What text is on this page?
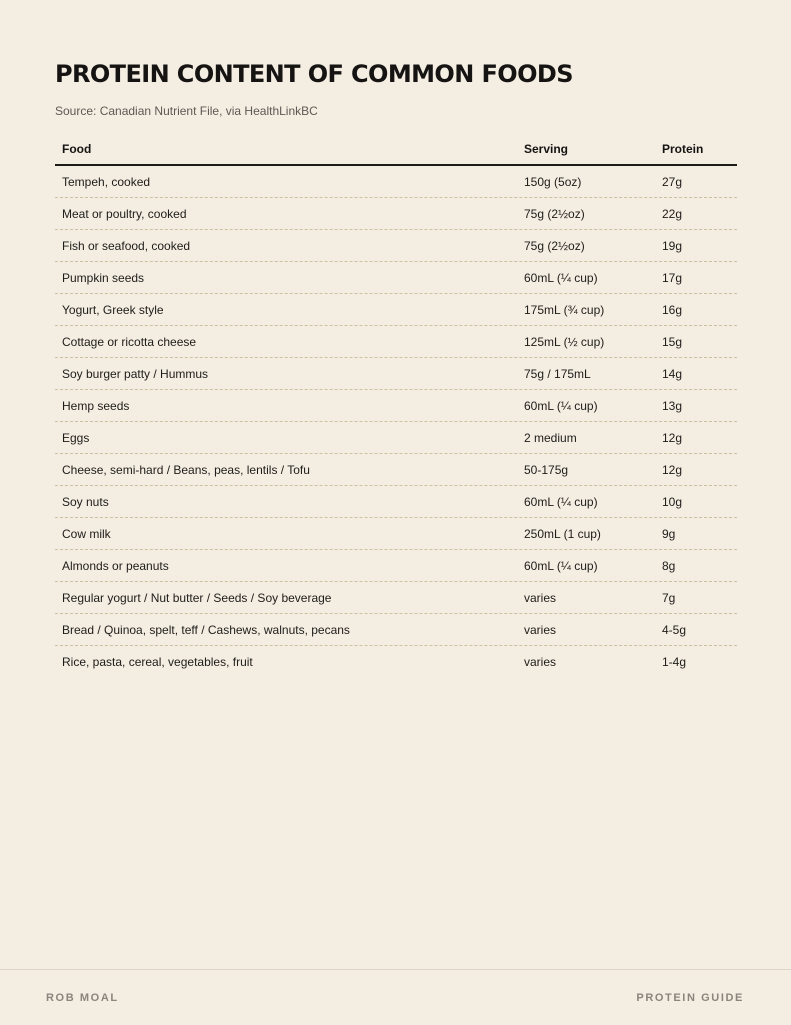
PROTEIN CONTENT OF COMMON FOODS
Source: Canadian Nutrient File, via HealthLinkBC
Food	Serving	Protein
Tempeh, cooked	150g (5oz)	27g
Meat or poultry, cooked	75g (2½oz)	22g
Fish or seafood, cooked	75g (2½oz)	19g
Pumpkin seeds	60mL (¼ cup)	17g
Yogurt, Greek style	175mL (¾ cup)	16g
Cottage or ricotta cheese	125mL (½ cup)	15g
Soy burger patty / Hummus	75g / 175mL	14g
Hemp seeds	60mL (¼ cup)	13g
Eggs	2 medium	12g
Cheese, semi-hard / Beans, peas, lentils / Tofu	50-175g	12g
Soy nuts	60mL (¼ cup)	10g
Cow milk	250mL (1 cup)	9g
Almonds or peanuts	60mL (¼ cup)	8g
Regular yogurt / Nut butter / Seeds / Soy beverage	varies	7g
Bread / Quinoa, spelt, teff / Cashews, walnuts, pecans	varies	4-5g
Rice, pasta, cereal, vegetables, fruit	varies	1-4g
ROB MOAL	PROTEIN GUIDE
